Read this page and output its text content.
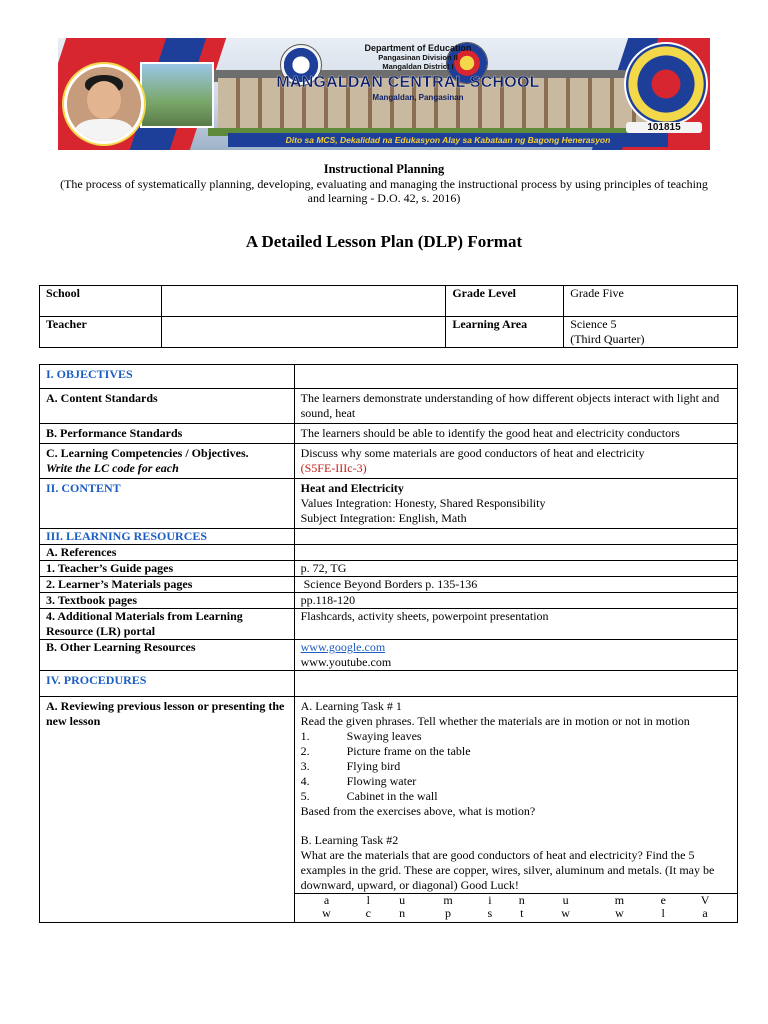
Department of Education
Pangasinan Division II
Mangaldan District I
MANGALDAN CENTRAL SCHOOL
Mangaldan, Pangasinan
101815
Dito sa MCS, Dekalidad na Edukasyon Alay sa Kabataan ng Bagong Henerasyon
Instructional Planning
(The process of systematically planning, developing, evaluating and managing the instructional process by using principles of teaching and learning - D.O. 42, s. 2016)
A Detailed Lesson Plan (DLP) Format
School		Grade Level	Grade Five
Teacher		Learning Area	Science 5
(Third Quarter)
I. OBJECTIVES	
A. Content Standards	The learners demonstrate understanding of how different objects interact with light and sound, heat
B. Performance Standards	The learners should be able to identify the good heat and electricity conductors

C. Learning Competencies / Objectives.
Write the LC code for each

Discuss why some materials are good conductors of heat and electricity
(S5FE-IIIc-3)

II. CONTENT	Heat and Electricity
Values Integration: Honesty, Shared Responsibility
Subject Integration: English, Math

III. LEARNING RESOURCES	
A. References	
1. Teacher’s Guide pages	p. 72, TG
2. Learner’s Materials pages	Science Beyond Borders p. 135-136
3. Textbook pages	pp.118-120
4. Additional Materials from Learning Resource (LR) portal	Flashcards, activity sheets, powerpoint presentation
B. Other Learning Resources	www.google.com
www.youtube.com

IV. PROCEDURES	
A. Reviewing previous lesson or presenting the new lesson	
A. Learning Task # 1
Read the given phrases. Tell whether the materials are in motion or not in motion
1.	Swaying leaves
2.	Picture frame on the table
3.	Flying bird
4.	Flowing water
5.	Cabinet in the wall
Based from the exercises above, what is motion?
B. Learning Task #2
What are the materials that are good conductors of heat and electricity? Find the 5 examples in the grid. These are copper, wires, silver, aluminum and metals. (It may be downward, upward, or diagonal) Good Luck!
a	l	u	m	i	n	u	m	e	V
w	c	n	p	s	t	w	w	l	a
